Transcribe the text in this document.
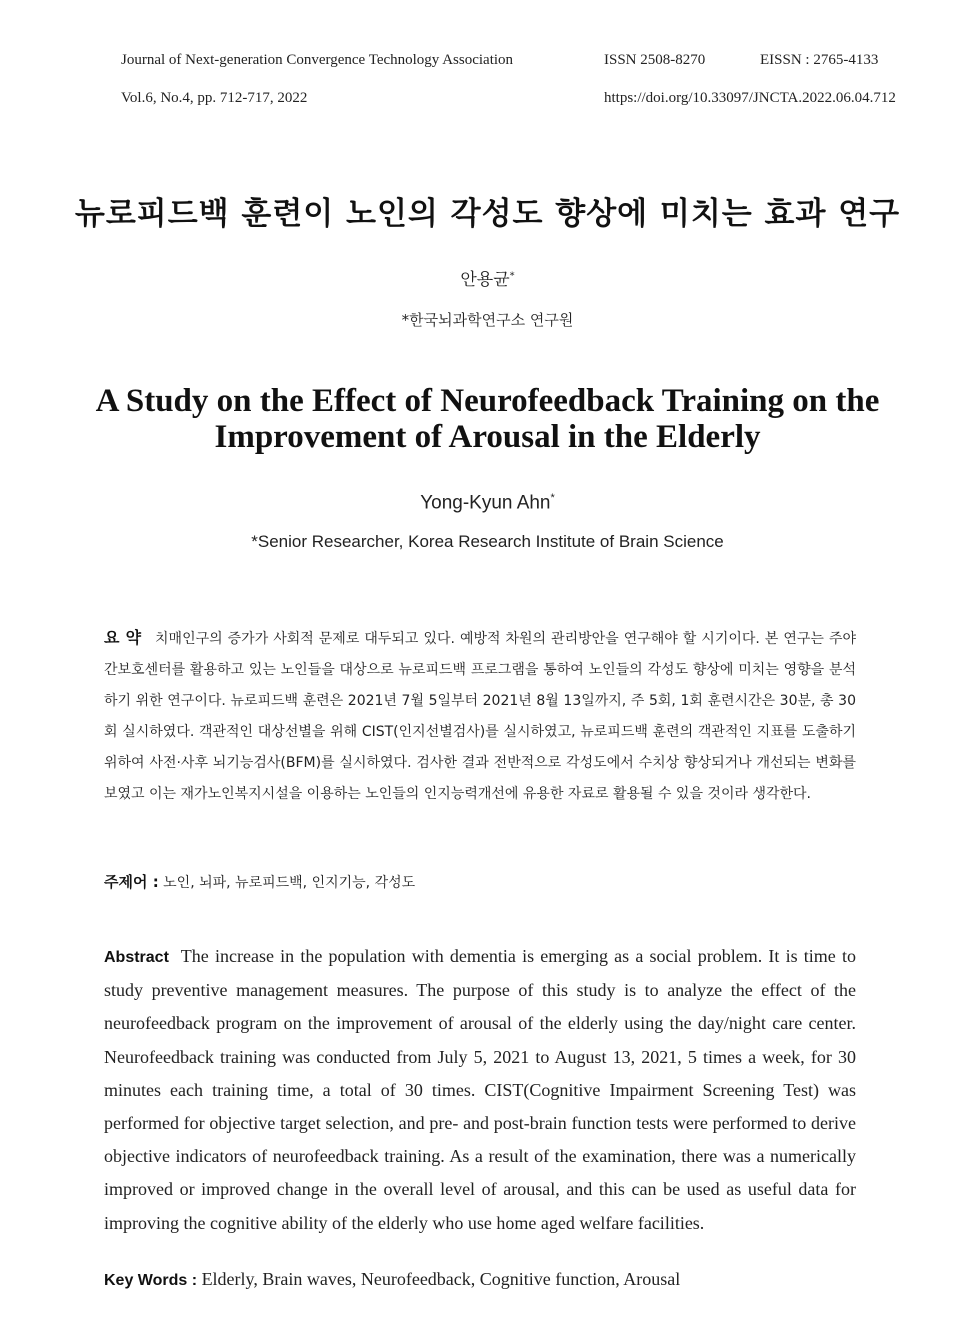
Journal of Next-generation Convergence Technology Association
Vol.6, No.4, pp. 712-717, 2022
ISSN 2508-8270	EISSN : 2765-4133
https://doi.org/10.33097/JNCTA.2022.06.04.712
뉴로피드백 훈련이 노인의 각성도 향상에 미치는 효과 연구
안용균*
*한국뇌과학연구소 연구원
A Study on the Effect of Neurofeedback Training on the Improvement of Arousal in the Elderly
Yong-Kyun Ahn*
*Senior Researcher, Korea Research Institute of Brain Science
요 약 치매인구의 증가가 사회적 문제로 대두되고 있다. 예방적 차원의 관리방안을 연구해야 할 시기이다. 본 연구는 주야간보호센터를 활용하고 있는 노인들을 대상으로 뉴로피드백 프로그램을 통하여 노인들의 각성도 향상에 미치는 영향을 분석하기 위한 연구이다. 뉴로피드백 훈련은 2021년 7월 5일부터 2021년 8월 13일까지, 주 5회, 1회 훈련시간은 30분, 총 30회 실시하였다. 객관적인 대상선별을 위해 CIST(인지선별검사)를 실시하였고, 뉴로피드백 훈련의 객관적인 지표를 도출하기 위하여 사전·사후 뇌기능검사(BFM)를 실시하였다. 검사한 결과 전반적으로 각성도에서 수치상 향상되거나 개선되는 변화를 보였고 이는 재가노인복지시설을 이용하는 노인들의 인지능력개선에 유용한 자료로 활용될 수 있을 것이라 생각한다.
주제어 : 노인, 뇌파, 뉴로피드백, 인지기능, 각성도
Abstract The increase in the population with dementia is emerging as a social problem. It is time to study preventive management measures. The purpose of this study is to analyze the effect of the neurofeedback program on the improvement of arousal of the elderly using the day/night care center. Neurofeedback training was conducted from July 5, 2021 to August 13, 2021, 5 times a week, for 30 minutes each training time, a total of 30 times. CIST(Cognitive Impairment Screening Test) was performed for objective target selection, and pre- and post-brain function tests were performed to derive objective indicators of neurofeedback training. As a result of the examination, there was a numerically improved or improved change in the overall level of arousal, and this can be used as useful data for improving the cognitive ability of the elderly who use home aged welfare facilities.
Key Words : Elderly, Brain waves, Neurofeedback, Cognitive function, Arousal
